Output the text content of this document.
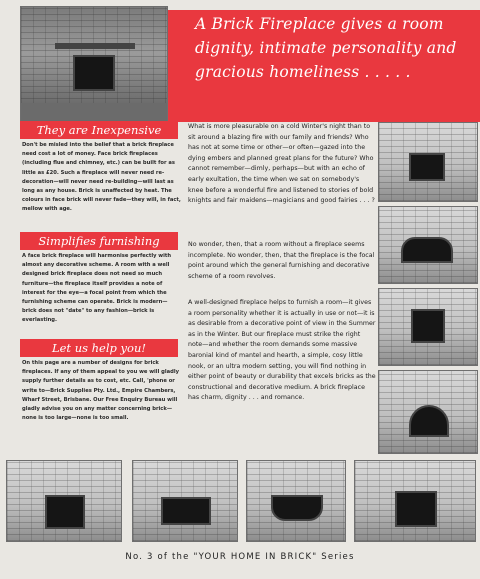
A Brick Fireplace gives a room
dignity, intimate personality and
gracious homeliness . . . . .
They are Inexpensive
Don't be misled into the belief that a brick fireplace need cost a lot of money. Face brick fireplaces (including flue and chimney, etc.) can be built for as little as £20. Such a fireplace will never need re-decoration—will never need re-building—will last as long as any house. Brick is unaffected by heat. The colours in face brick will never fade—they will, in fact, mellow with age.
Simplifies furnishing
A face brick fireplace will harmonise perfectly with almost any decorative scheme. A room with a well designed brick fireplace does not need so much furniture—the fireplace itself provides a note of interest for the eye—a focal point from which the furnishing scheme can operate. Brick is modern—brick does not "date" to any fashion—brick is everlasting.
Let us help you!
On this page are a number of designs for brick fireplaces. If any of them appeal to you we will gladly supply further details as to cost, etc. Call, 'phone or write to—Brick Supplies Pty. Ltd., Empire Chambers, Wharf Street, Brisbane. Our Free Enquiry Bureau will gladly advise you on any matter concerning brick—none is too large—none is too small.
What is more pleasurable on a cold Winter's night than to sit around a blazing fire with our family and friends? Who has not at some time or other—or often—gazed into the dying embers and planned great plans for the future? Who cannot remember—dimly, perhaps—but with an echo of early exultation, the time when we sat on somebody's knee before a wonderful fire and listened to stories of bold knights and fair maidens—magicians and good fairies . . . ?
No wonder, then, that a room without a fireplace seems incomplete. No wonder, then, that the fireplace is the focal point around which the general furnishing and decorative scheme of a room revolves.
A well-designed fireplace helps to furnish a room—it gives a room personality whether it is actually in use or not—it is as desirable from a decorative point of view in the Summer as in the Winter. But our fireplace must strike the right note—and whether the room demands some massive baronial kind of mantel and hearth, a simple, cosy little nook, or an ultra modern setting, you will find nothing in either point of beauty or durability that excels bricks as the constructional and decorative medium. A brick fireplace has charm, dignity . . . and romance.
No. 3 of the "YOUR HOME IN BRICK" Series
